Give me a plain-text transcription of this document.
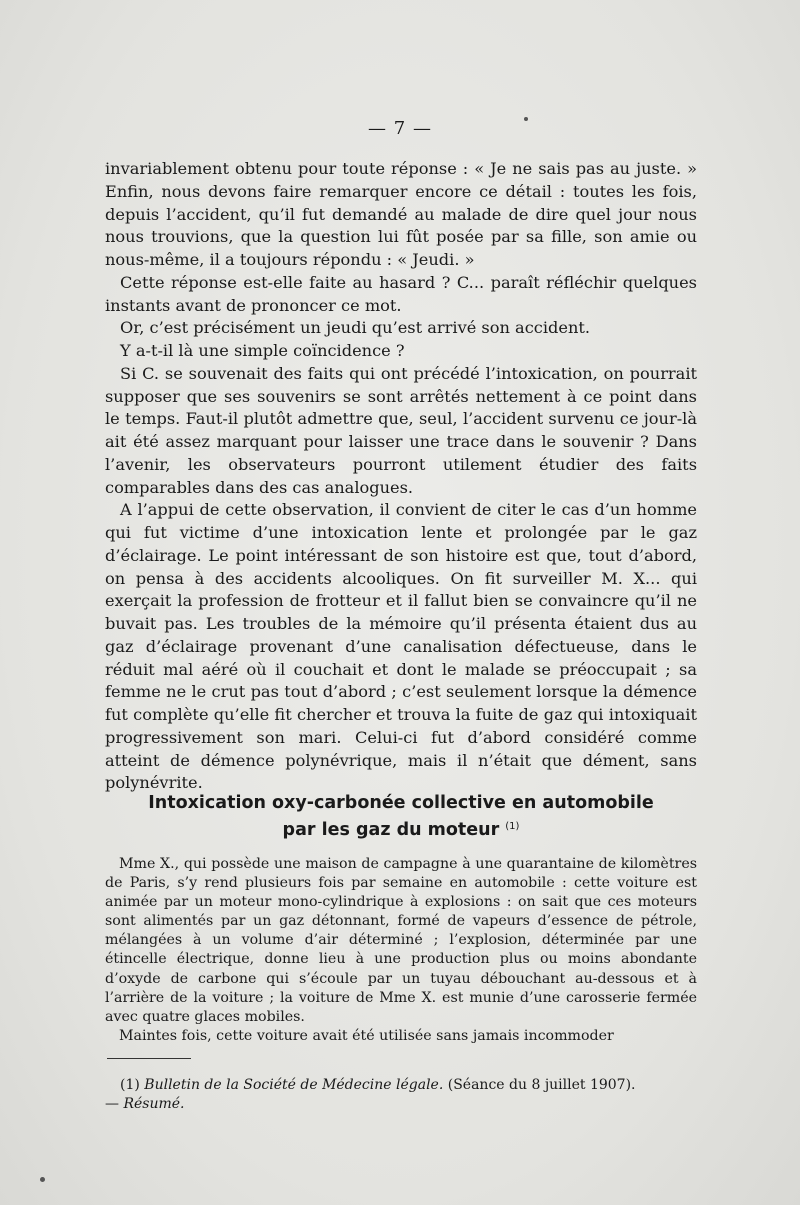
— 7 —

invariablement obtenu pour toute réponse : « Je ne sais pas au juste. » Enfin, nous devons faire remarquer encore ce détail : toutes les fois, depuis l’accident, qu’il fut demandé au malade de dire quel jour nous nous trouvions, que la question lui fût posée par sa fille, son amie ou nous-même, il a toujours répondu : « Jeudi. »

Cette réponse est-elle faite au hasard ? C... paraît réfléchir quelques instants avant de prononcer ce mot.

Or, c’est précisément un jeudi qu’est arrivé son accident.

Y a-t-il là une simple coïncidence ?

Si C. se souvenait des faits qui ont précédé l’intoxication, on pourrait supposer que ses souvenirs se sont arrêtés nettement à ce point dans le temps. Faut-il plutôt admettre que, seul, l’accident survenu ce jour-là ait été assez marquant pour laisser une trace dans le souvenir ? Dans l’avenir, les observateurs pourront utilement étudier des faits comparables dans des cas analogues.

A l’appui de cette observation, il convient de citer le cas d’un homme qui fut victime d’une intoxication lente et prolongée par le gaz d’éclairage. Le point intéressant de son histoire est que, tout d’abord, on pensa à des accidents alcooliques. On fit surveiller M. X... qui exerçait la profession de frotteur et il fallut bien se convaincre qu’il ne buvait pas. Les troubles de la mémoire qu’il présenta étaient dus au gaz d’éclairage provenant d’une canalisation défectueuse, dans le réduit mal aéré où il couchait et dont le malade se préoccupait ; sa femme ne le crut pas tout d’abord ; c’est seulement lorsque la démence fut complète qu’elle fit chercher et trouva la fuite de gaz qui intoxiquait progressivement son mari. Celui-ci fut d’abord considéré comme atteint de démence polynévrique, mais il n’était que dément, sans polynévrite.

Intoxication oxy-carbonée collective en automobile
par les gaz du moteur $^{(1)}$

Mme X., qui possède une maison de campagne à une quarantaine de kilomètres de Paris, s’y rend plusieurs fois par semaine en automobile : cette voiture est animée par un moteur mono-cylindrique à explosions : on sait que ces moteurs sont alimentés par un gaz détonnant, formé de vapeurs d’essence de pétrole, mélangées à un volume d’air déterminé ; l’explosion, déterminée par une étincelle électrique, donne lieu à une production plus ou moins abondante d’oxyde de carbone qui s’écoule par un tuyau débouchant au-dessous et à l’arrière de la voiture ; la voiture de Mme X. est munie d’une carosserie fermée avec quatre glaces mobiles.

Maintes fois, cette voiture avait été utilisée sans jamais incommoder

(1) Bulletin de la Société de Médecine légale. (Séance du 8 juillet 1907).
— Résumé.
